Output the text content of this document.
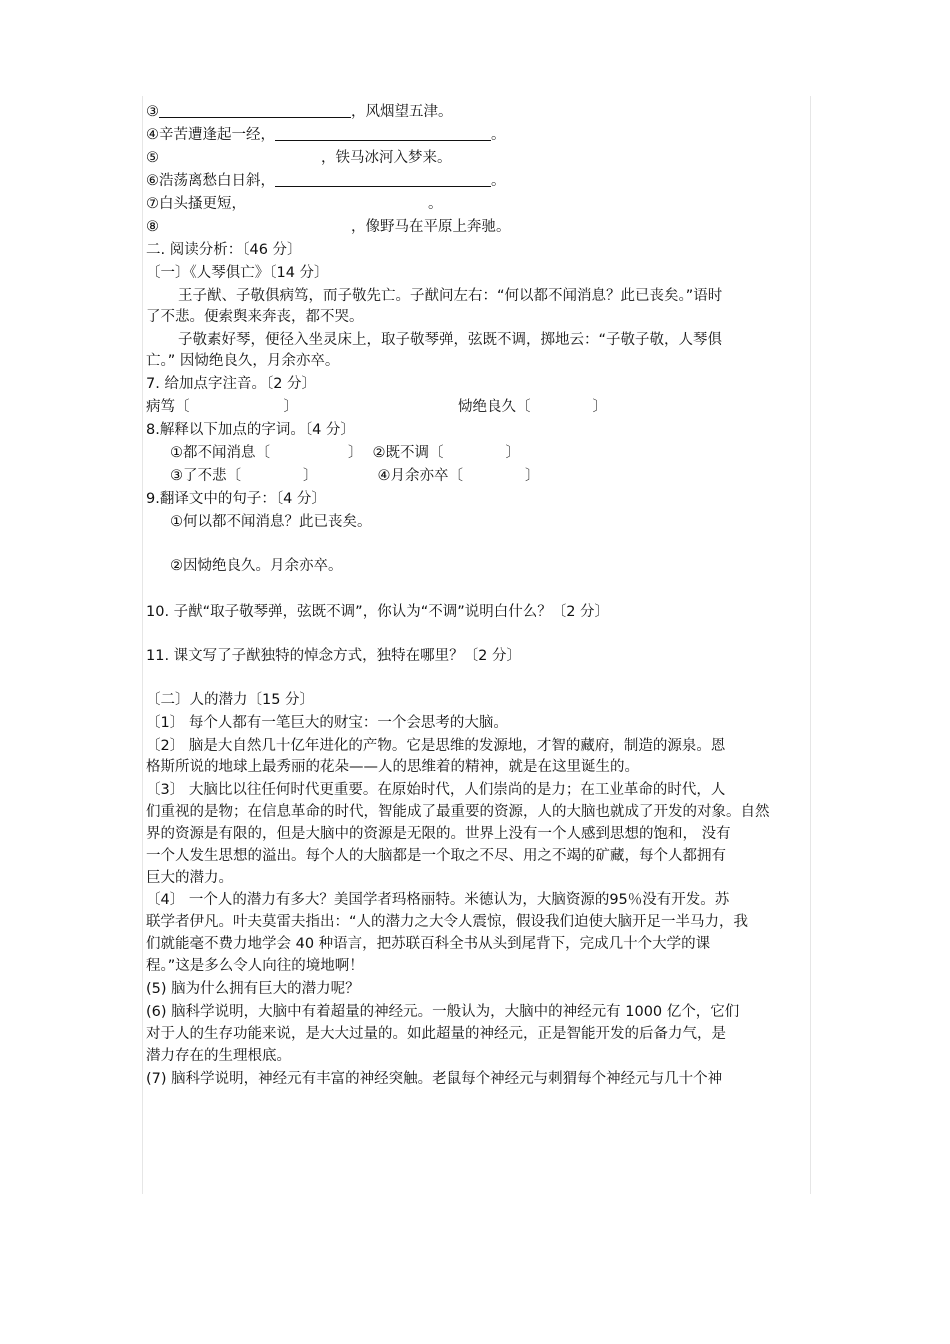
③	，风烟望五津。
④辛苦遭逢起一经，	。
⑤	，铁马冰河入梦来。
⑥浩荡离愁白日斜，	。
⑦白头搔更短，	。
⑧	，像野马在平原上奔驰。
二. 阅读分析：〔46 分〕
〔一〕《人琴俱亡》〔14 分〕
王子猷、子敬俱病笃，而子敬先亡。子猷问左右：“何以都不闻消息？此已丧矣。”语时
了不悲。便索舆来奔丧，都不哭。
子敬素好琴，便径入坐灵床上，取子敬琴弹，弦既不调，掷地云：“子敬子敬，人琴俱
亡。” 因恸绝良久，月余亦卒。
7. 给加点字注音。〔2 分〕
病笃〔	〕	恸绝良久〔	〕
8.解释以下加点的字词。〔4 分〕
①都不闻消息〔	〕 ②既不调〔	〕
③了不悲〔	〕	④月余亦卒〔	〕
9.翻译文中的句子：〔4 分〕
①何以都不闻消息？此已丧矣。
②因恸绝良久。月余亦卒。
10. 子猷“取子敬琴弹，弦既不调”，你认为“不调”说明白什么？〔2 分〕
11. 课文写了子猷独特的悼念方式，独特在哪里？〔2 分〕
〔二〕人的潜力〔15 分〕
〔1〕 每个人都有一笔巨大的财宝：一个会思考的大脑。
〔2〕 脑是大自然几十亿年进化的产物。它是思维的发源地，才智的藏府，制造的源泉。恩
格斯所说的地球上最秀丽的花朵——人的思维着的精神，就是在这里诞生的。
〔3〕 大脑比以往任何时代更重要。在原始时代，人们崇尚的是力；在工业革命的时代，人
们重视的是物；在信息革命的时代，智能成了最重要的资源，人的大脑也就成了开发的对象。自然
界的资源是有限的，但是大脑中的资源是无限的。世界上没有一个人感到思想的饱和， 没有
一个人发生思想的溢出。每个人的大脑都是一个取之不尽、用之不竭的矿藏，每个人都拥有
巨大的潜力。
〔4〕 一个人的潜力有多大？美国学者玛格丽特。米德认为，大脑资源的95％没有开发。苏
联学者伊凡。叶夫莫雷夫指出：“人的潜力之大令人震惊，假设我们迫使大脑开足一半马力，我
们就能毫不费力地学会 40 种语言，把苏联百科全书从头到尾背下，完成几十个大学的课
程。”这是多么令人向往的境地啊！
(5) 脑为什么拥有巨大的潜力呢？
(6) 脑科学说明，大脑中有着超量的神经元。一般认为，大脑中的神经元有 1000 亿个，它们
对于人的生存功能来说，是大大过量的。如此超量的神经元，正是智能开发的后备力气，是
潜力存在的生理根底。
(7) 脑科学说明，神经元有丰富的神经突触。老鼠每个神经元与刺猬每个神经元与几十个神
